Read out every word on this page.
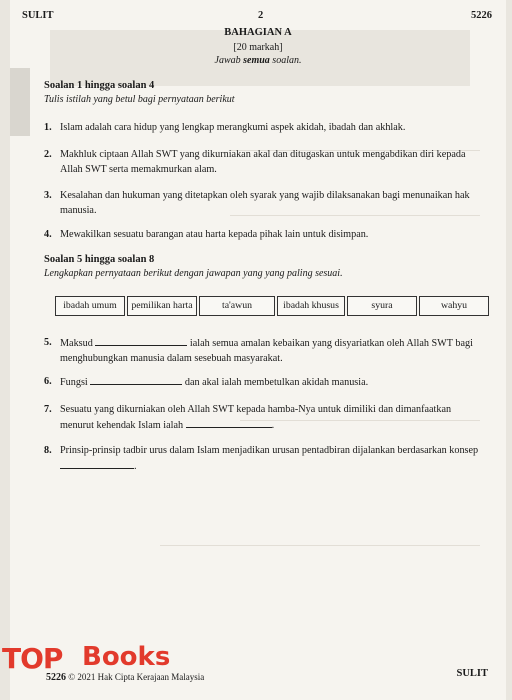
SULIT	2	5226
BAHAGIAN A
[20 markah]
Jawab semua soalan.
Soalan 1 hingga soalan 4
Tulis istilah yang betul bagi pernyataan berikut
1. Islam adalah cara hidup yang lengkap merangkumi aspek akidah, ibadah dan akhlak.
2. Makhluk ciptaan Allah SWT yang dikurniakan akal dan ditugaskan untuk mengabdikan diri kepada Allah SWT serta memakmurkan alam.
3. Kesalahan dan hukuman yang ditetapkan oleh syarak yang wajib dilaksanakan bagi menunaikan hak manusia.
4. Mewakilkan sesuatu barangan atau harta kepada pihak lain untuk disimpan.
Soalan 5 hingga soalan 8
Lengkapkan pernyataan berikut dengan jawapan yang yang paling sesuai.
ibadah umum	pemilikan harta	ta'awun	ibadah khusus	syura	wahyu
5. Maksud	ialah semua amalan kebaikan yang disyariatkan oleh Allah SWT bagi menghubungkan manusia dalam sesebuah masyarakat.
6. Fungsi	dan akal ialah membetulkan akidah manusia.
7. Sesuatu yang dikurniakan oleh Allah SWT kepada hamba-Nya untuk dimiliki dan dimanfaatkan menurut kehendak Islam ialah	.
8. Prinsip-prinsip tadbir urus dalam Islam menjadikan urusan pentadbiran dijalankan berdasarkan konsep .
5226 © 2021 Hak Cipta Kerajaan Malaysia	SULIT
TOP Books
